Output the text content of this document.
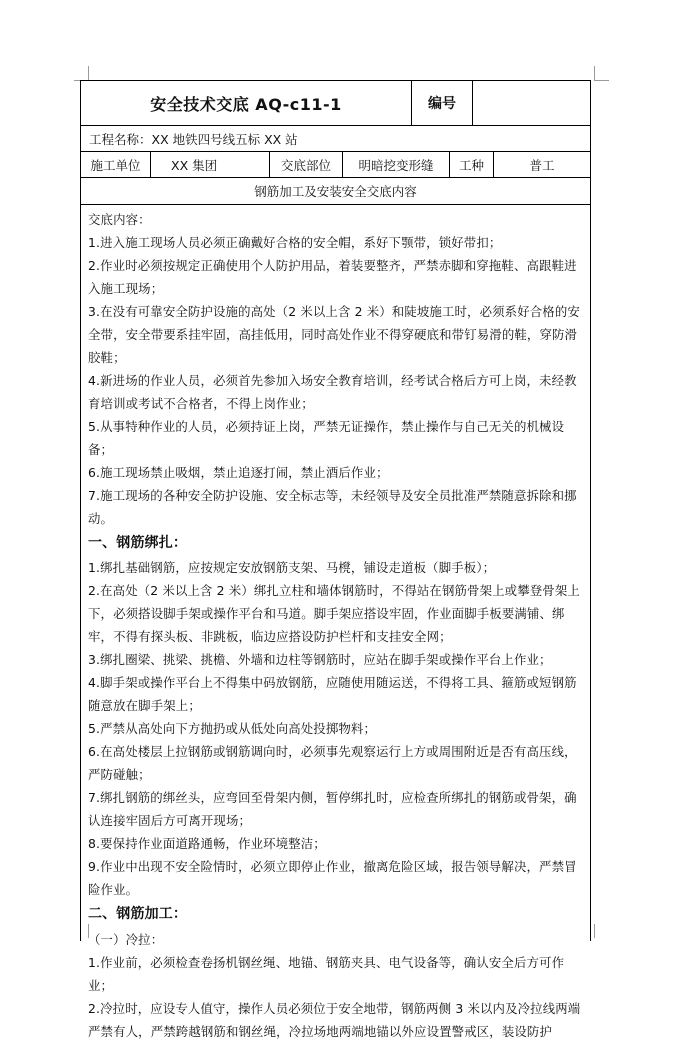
安全技术交底 AQ-c11-1	编号
工程名称：XX 地铁四号线五标 XX 站
施工单位	XX 集团	交底部位	明暗挖变形缝	工种	普工
钢筋加工及安装安全交底内容

交底内容：

1.进入施工现场人员必须正确戴好合格的安全帽，系好下颚带，锁好带扣；

2.作业时必须按规定正确使用个人防护用品，着装要整齐，严禁赤脚和穿拖鞋、高跟鞋进入施工现场；

3.在没有可靠安全防护设施的高处（2 米以上含 2 米）和陡坡施工时，必须系好合格的安全带，安全带要系挂牢固，高挂低用，同时高处作业不得穿硬底和带钉易滑的鞋，穿防滑胶鞋；

4.新进场的作业人员，必须首先参加入场安全教育培训，经考试合格后方可上岗，未经教育培训或考试不合格者，不得上岗作业；

5.从事特种作业的人员，必须持证上岗，严禁无证操作，禁止操作与自己无关的机械设备；

6.施工现场禁止吸烟，禁止追逐打闹，禁止酒后作业；

7.施工现场的各种安全防护设施、安全标志等，未经领导及安全员批准严禁随意拆除和挪动。

一、钢筋绑扎：

1.绑扎基础钢筋，应按规定安放钢筋支架、马櫈，铺设走道板（脚手板）；

2.在高处（2 米以上含 2 米）绑扎立柱和墙体钢筋时，不得站在钢筋骨架上或攀登骨架上下，必须搭设脚手架或操作平台和马道。脚手架应搭设牢固，作业面脚手板要满铺、绑牢，不得有探头板、非跳板，临边应搭设防护栏杆和支挂安全网；

3.绑扎圈梁、挑梁、挑檐、外墙和边柱等钢筋时，应站在脚手架或操作平台上作业；

4.脚手架或操作平台上不得集中码放钢筋，应随使用随运送，不得将工具、箍筋或短钢筋随意放在脚手架上；

5.严禁从高处向下方抛扔或从低处向高处投掷物料；

6.在高处楼层上拉钢筋或钢筋调向时，必须事先观察运行上方或周围附近是否有高压线，严防碰触；

7.绑扎钢筋的绑丝头，应弯回至骨架内侧，暂停绑扎时，应检查所绑扎的钢筋或骨架，确认连接牢固后方可离开现场；

8.要保持作业面道路通畅，作业环境整洁；

9.作业中出现不安全险情时，必须立即停止作业，撤离危险区域，报告领导解决，严禁冒险作业。

二、钢筋加工：

（一）冷拉：

1.作业前，必须检查卷扬机钢丝绳、地锚、钢筋夹具、电气设备等，确认安全后方可作业；

2.冷拉时，应设专人值守，操作人员必须位于安全地带，钢筋两侧 3 米以内及冷拉线两端严禁有人，严禁跨越钢筋和钢丝绳，冷拉场地两端地锚以外应设置警戒区，装设防护
